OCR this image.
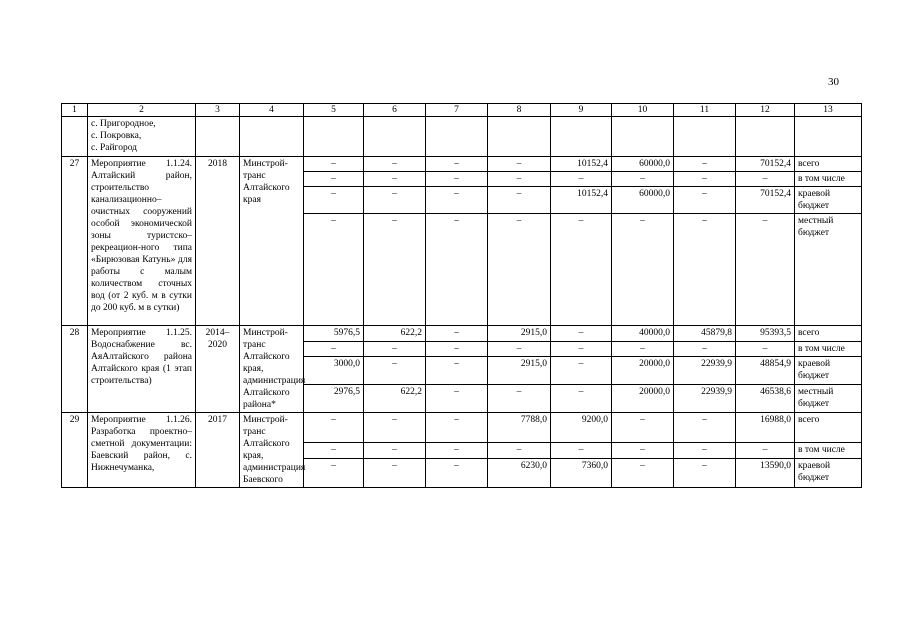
30
1	2	3	4	5	6	7	8	9	10	11	12	13
	с. Пригородное,
с. Покровка,
с. Райгород											
27	Мероприятие 1.1.24. Алтайский район, строительство канализационно–очистных сооружений особой экономической зоны туристско–рекреацион-ного типа «Бирюзовая Катунь» для работы с малым количеством сточных вод (от 2 куб. м в сутки до 200 куб. м в сутки)	2018	Минстрой-транс Алтайского края	–	–	–	–	10152,4	60000,0	–	70152,4	всего
				–	–	–	–	–	–	–	–	в том числе
				–	–	–	–	10152,4	60000,0	–	70152,4	краевой бюджет
				–	–	–	–	–	–	–	–	местный бюджет
28	Мероприятие 1.1.25. Водоснабжение вс. АяАлтайского района Алтайского края (1 этап строительства)	2014–2020	Минстрой-транс Алтайского края, администрация Алтайского района*	5976,5	622,2	–	2915,0	–	40000,0	45879,8	95393,5	всего
				–	–	–	–	–	–	–	–	в том числе
				3000,0	–	–	2915,0	–	20000,0	22939,9	48854,9	краевой бюджет
				2976,5	622,2	–	–	–	20000,0	22939,9	46538,6	местный бюджет
29	Мероприятие 1.1.26. Разработка проектно–сметной документации: Баевский район, с. Нижнечуманка,	2017	Минстрой-транс Алтайского края, администрация Баевского	–	–	–	7788,0	9200,0	–	–	16988,0	всего
				–	–	–	–	–	–	–	–	в том числе
				–	–	–	6230,0	7360,0	–	–	13590,0	краевой бюджет
